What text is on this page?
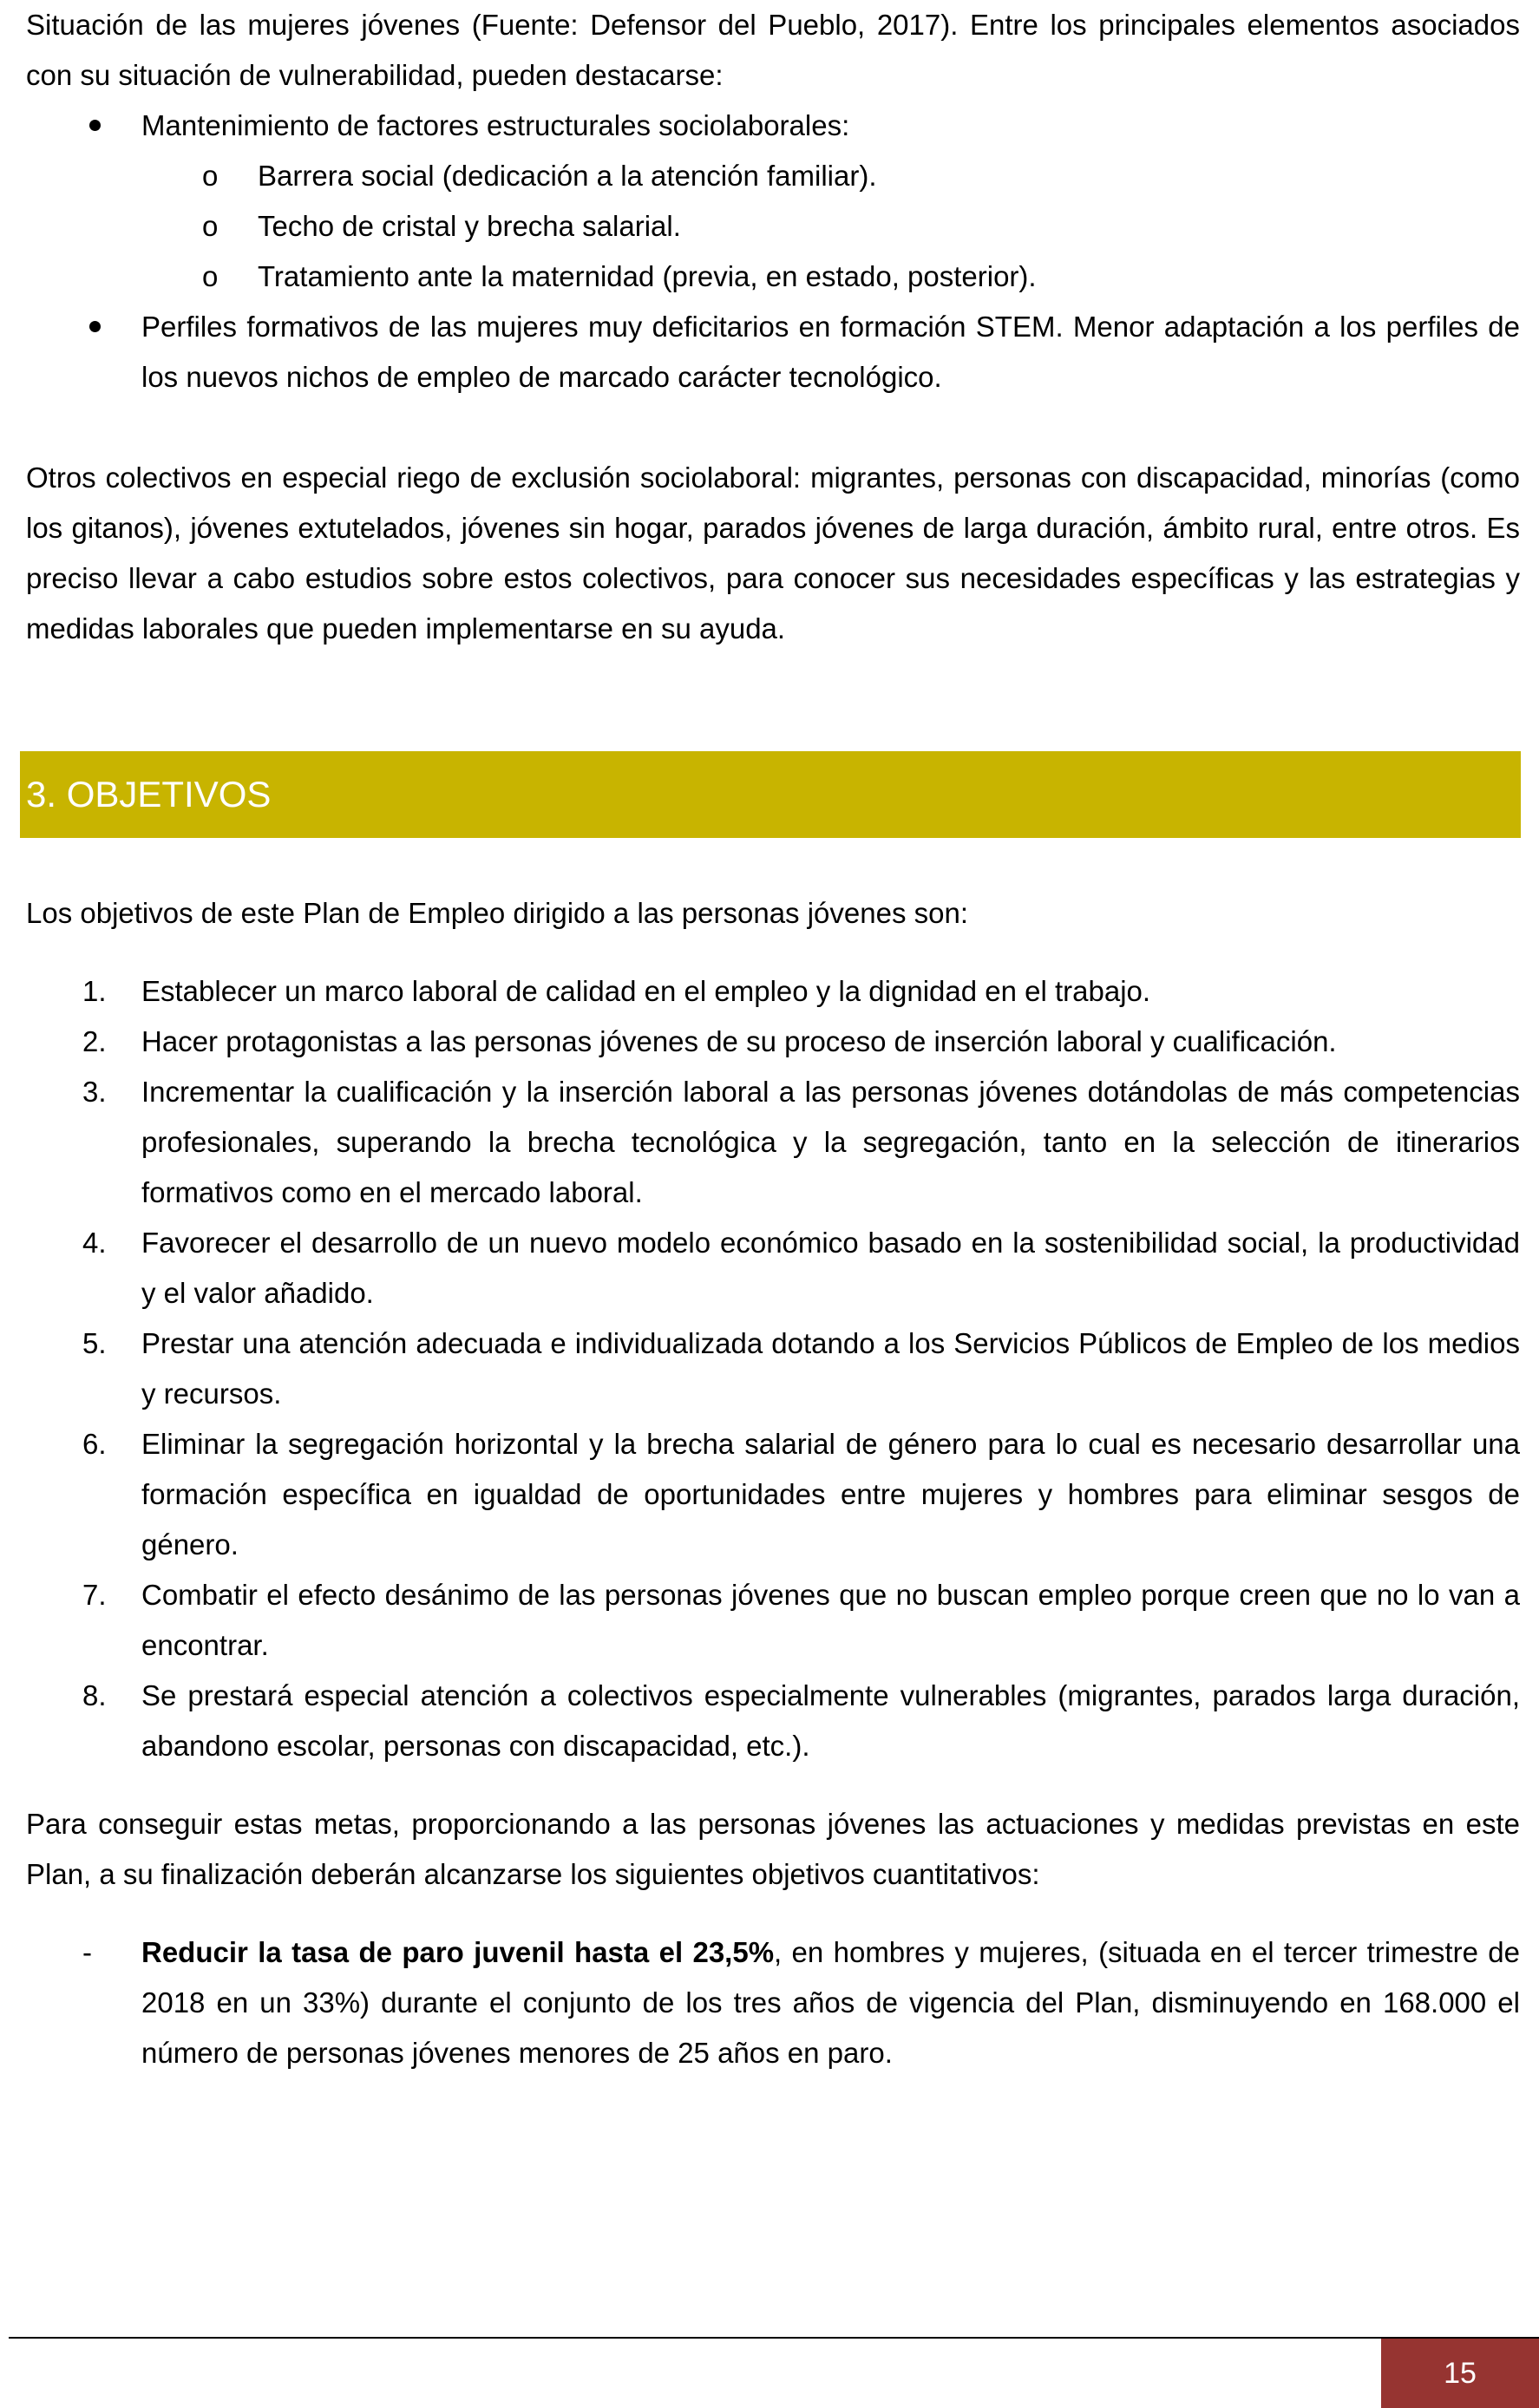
Situación de las mujeres jóvenes (Fuente: Defensor del Pueblo, 2017). Entre los principales elementos asociados con su situación de vulnerabilidad, pueden destacarse:

Mantenimiento de factores estructurales sociolaborales:
o Barrera social (dedicación a la atención familiar).
o Techo de cristal y brecha salarial.
o Tratamiento ante la maternidad (previa, en estado, posterior).
Perfiles formativos de las mujeres muy deficitarios en formación STEM. Menor adaptación a los perfiles de los nuevos nichos de empleo de marcado carácter tecnológico.

Otros colectivos en especial riego de exclusión sociolaboral: migrantes, personas con discapacidad, minorías (como los gitanos), jóvenes extutelados, jóvenes sin hogar, parados jóvenes de larga duración, ámbito rural, entre otros. Es preciso llevar a cabo estudios sobre estos colectivos, para conocer sus necesidades específicas y las estrategias y medidas laborales que pueden implementarse en su ayuda.

3. OBJETIVOS

Los objetivos de este Plan de Empleo dirigido a las personas jóvenes son:

1. Establecer un marco laboral de calidad en el empleo y la dignidad en el trabajo.
2. Hacer protagonistas a las personas jóvenes de su proceso de inserción laboral y cualificación.
3. Incrementar la cualificación y la inserción laboral a las personas jóvenes dotándolas de más competencias profesionales, superando la brecha tecnológica y la segregación, tanto en la selección de itinerarios formativos como en el mercado laboral.
4. Favorecer el desarrollo de un nuevo modelo económico basado en la sostenibilidad social, la productividad y el valor añadido.
5. Prestar una atención adecuada e individualizada dotando a los Servicios Públicos de Empleo de los medios y recursos.
6. Eliminar la segregación horizontal y la brecha salarial de género para lo cual es necesario desarrollar una formación específica en igualdad de oportunidades entre mujeres y hombres para eliminar sesgos de género.
7. Combatir el efecto desánimo de las personas jóvenes que no buscan empleo porque creen que no lo van a encontrar.
8. Se prestará especial atención a colectivos especialmente vulnerables (migrantes, parados larga duración, abandono escolar, personas con discapacidad, etc.).

Para conseguir estas metas, proporcionando a las personas jóvenes las actuaciones y medidas previstas en este Plan, a su finalización deberán alcanzarse los siguientes objetivos cuantitativos:

- Reducir la tasa de paro juvenil hasta el 23,5%, en hombres y mujeres, (situada en el tercer trimestre de 2018 en un 33%) durante el conjunto de los tres años de vigencia del Plan, disminuyendo en 168.000 el número de personas jóvenes menores de 25 años en paro.
15
